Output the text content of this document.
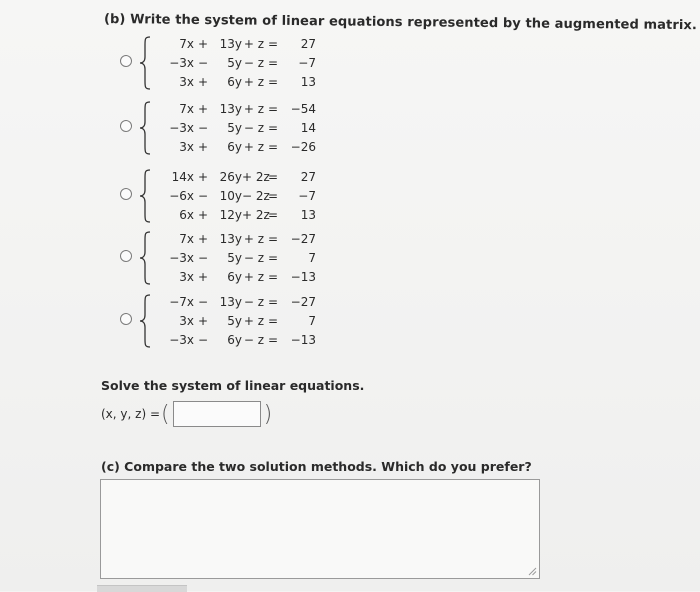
(b) Write the system of linear equations represented by the augmented matrix.
7x + 13y + z = 27
−3x − 5y − z = −7
3x + 6y + z = 13
7x + 13y + z = −54
−3x − 5y − z = 14
3x + 6y + z = −26
14x + 26y+ 2z= 27
−6x − 10y− 2z= −7
6x + 12y+ 2z= 13
7x + 13y + z = −27
−3x − 5y − z =	7
3x + 6y + z = −13
−7x − 13y − z = −27
3x + 5y + z =	7
−3x − 6y − z = −13
Solve the system of linear equations.
(x, y, z) = (	)
(c) Compare the two solution methods. Which do you prefer?
